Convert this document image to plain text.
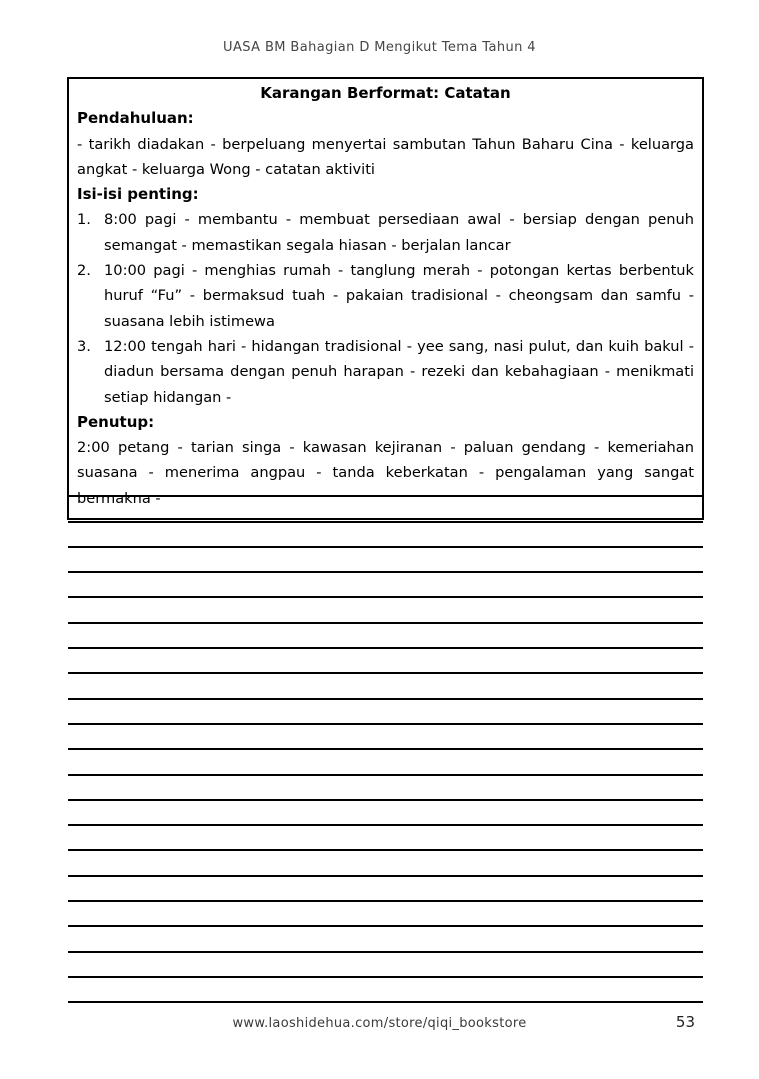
UASA BM Bahagian D Mengikut Tema Tahun 4
Karangan Berformat: Catatan
Pendahuluan:
- tarikh diadakan - berpeluang menyertai sambutan Tahun Baharu Cina - keluarga angkat - keluarga Wong - catatan aktiviti
Isi-isi penting:
1. 8:00 pagi - membantu - membuat persediaan awal - bersiap dengan penuh semangat - memastikan segala hiasan - berjalan lancar
2. 10:00 pagi - menghias rumah - tanglung merah - potongan kertas berbentuk huruf “Fu” - bermaksud tuah - pakaian tradisional - cheongsam dan samfu - suasana lebih istimewa
3. 12:00 tengah hari - hidangan tradisional - yee sang, nasi pulut, dan kuih bakul - diadun bersama dengan penuh harapan - rezeki dan kebahagiaan - menikmati setiap hidangan -
Penutup:
2:00 petang - tarian singa - kawasan kejiranan - paluan gendang - kemeriahan suasana - menerima angpau - tanda keberkatan - pengalaman yang sangat bermakna -
www.laoshidehua.com/store/qiqi_bookstore	53
